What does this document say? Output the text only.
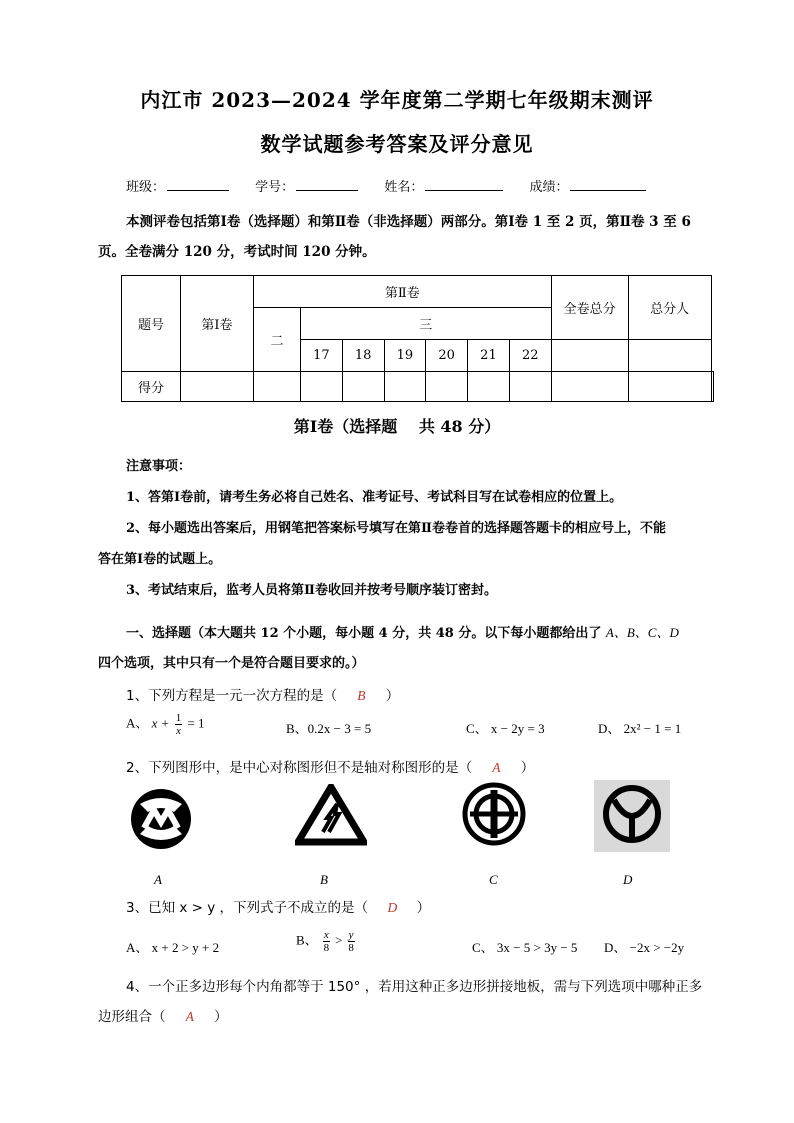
内江市 2023—2024 学年度第二学期七年级期末测评
数学试题参考答案及评分意见
班级：	学号：	姓名：	成绩：
本测评卷包括第Ⅰ卷（选择题）和第Ⅱ卷（非选择题）两部分。第Ⅰ卷 1 至 2 页，第Ⅱ卷 3 至 6
页。全卷满分 120 分，考试时间 120 分钟。
题号	第Ⅰ卷	第Ⅱ卷							全卷总分	总分人	
		二	三								
			17	18	19	20	21	22			
得分											
第Ⅰ卷（选择题　 共 48 分）
注意事项：
1、答第Ⅰ卷前，请考生务必将自己姓名、准考证号、考试科目写在试卷相应的位置上。
2、每小题选出答案后，用钢笔把答案标号填写在第Ⅱ卷卷首的选择题答题卡的相应号上，不能
答在第Ⅰ卷的试题上。
3、考试结束后，监考人员将第Ⅱ卷收回并按考号顺序装订密封。
一、选择题（本大题共 12 个小题，每小题 4 分，共 48 分。以下每小题都给出了 A、B、C、D
四个选项，其中只有一个是符合题目要求的。）
1、下列方程是一元一次方程的是（ B ）
A、 $x + \frac{1}{x} = 1$	B、0.2x − 3 = 5	C、 x − 2y = 3	D、 2x² − 1 = 1
2、下列图形中，是中心对称图形但不是轴对称图形的是（ A ）
A	B	C	D
3、已知 x > y ，下列式子不成立的是（ D ）
A、 x + 2 > y + 2
B、 $\frac{x}{8} > \frac{y}{8}$	C、 3x − 5 > 3y − 5 D、 −2x > −2y
4、一个正多边形每个内角都等于 150° ，若用这种正多边形拼接地板，需与下列选项中哪种正多
边形组合（ A ）
